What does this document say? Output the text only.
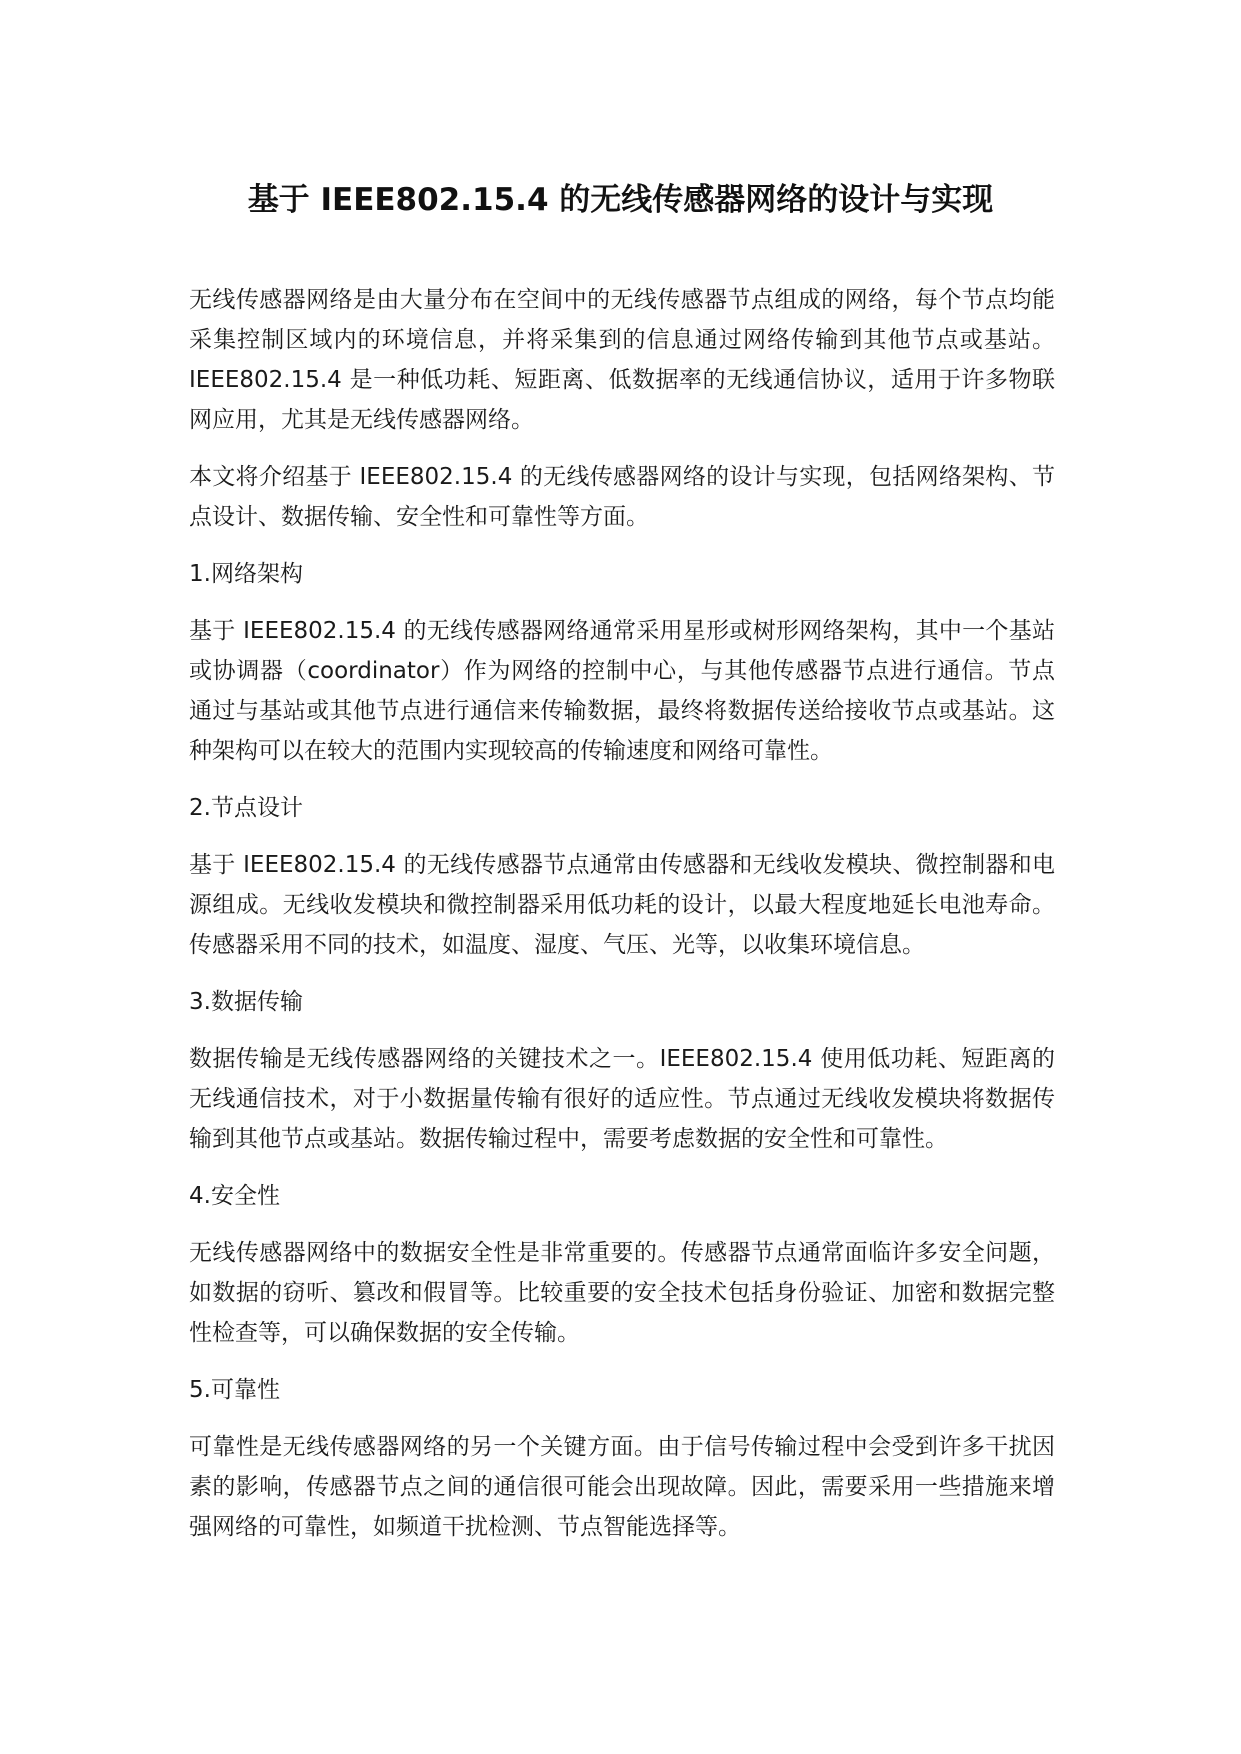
基于 IEEE802.15.4 的无线传感器网络的设计与实现

无线传感器网络是由大量分布在空间中的无线传感器节点组成的网络，每个节点均能采集控制区域内的环境信息，并将采集到的信息通过网络传输到其他节点或基站。IEEE802.15.4 是一种低功耗、短距离、低数据率的无线通信协议，适用于许多物联网应用，尤其是无线传感器网络。

本文将介绍基于 IEEE802.15.4 的无线传感器网络的设计与实现，包括网络架构、节点设计、数据传输、安全性和可靠性等方面。

1.网络架构

基于 IEEE802.15.4 的无线传感器网络通常采用星形或树形网络架构，其中一个基站或协调器（coordinator）作为网络的控制中心，与其他传感器节点进行通信。节点通过与基站或其他节点进行通信来传输数据，最终将数据传送给接收节点或基站。这种架构可以在较大的范围内实现较高的传输速度和网络可靠性。

2.节点设计

基于 IEEE802.15.4 的无线传感器节点通常由传感器和无线收发模块、微控制器和电源组成。无线收发模块和微控制器采用低功耗的设计，以最大程度地延长电池寿命。传感器采用不同的技术，如温度、湿度、气压、光等，以收集环境信息。

3.数据传输

数据传输是无线传感器网络的关键技术之一。IEEE802.15.4 使用低功耗、短距离的无线通信技术，对于小数据量传输有很好的适应性。节点通过无线收发模块将数据传输到其他节点或基站。数据传输过程中，需要考虑数据的安全性和可靠性。

4.安全性

无线传感器网络中的数据安全性是非常重要的。传感器节点通常面临许多安全问题，如数据的窃听、篡改和假冒等。比较重要的安全技术包括身份验证、加密和数据完整性检查等，可以确保数据的安全传输。

5.可靠性

可靠性是无线传感器网络的另一个关键方面。由于信号传输过程中会受到许多干扰因素的影响，传感器节点之间的通信很可能会出现故障。因此，需要采用一些措施来增强网络的可靠性，如频道干扰检测、节点智能选择等。
